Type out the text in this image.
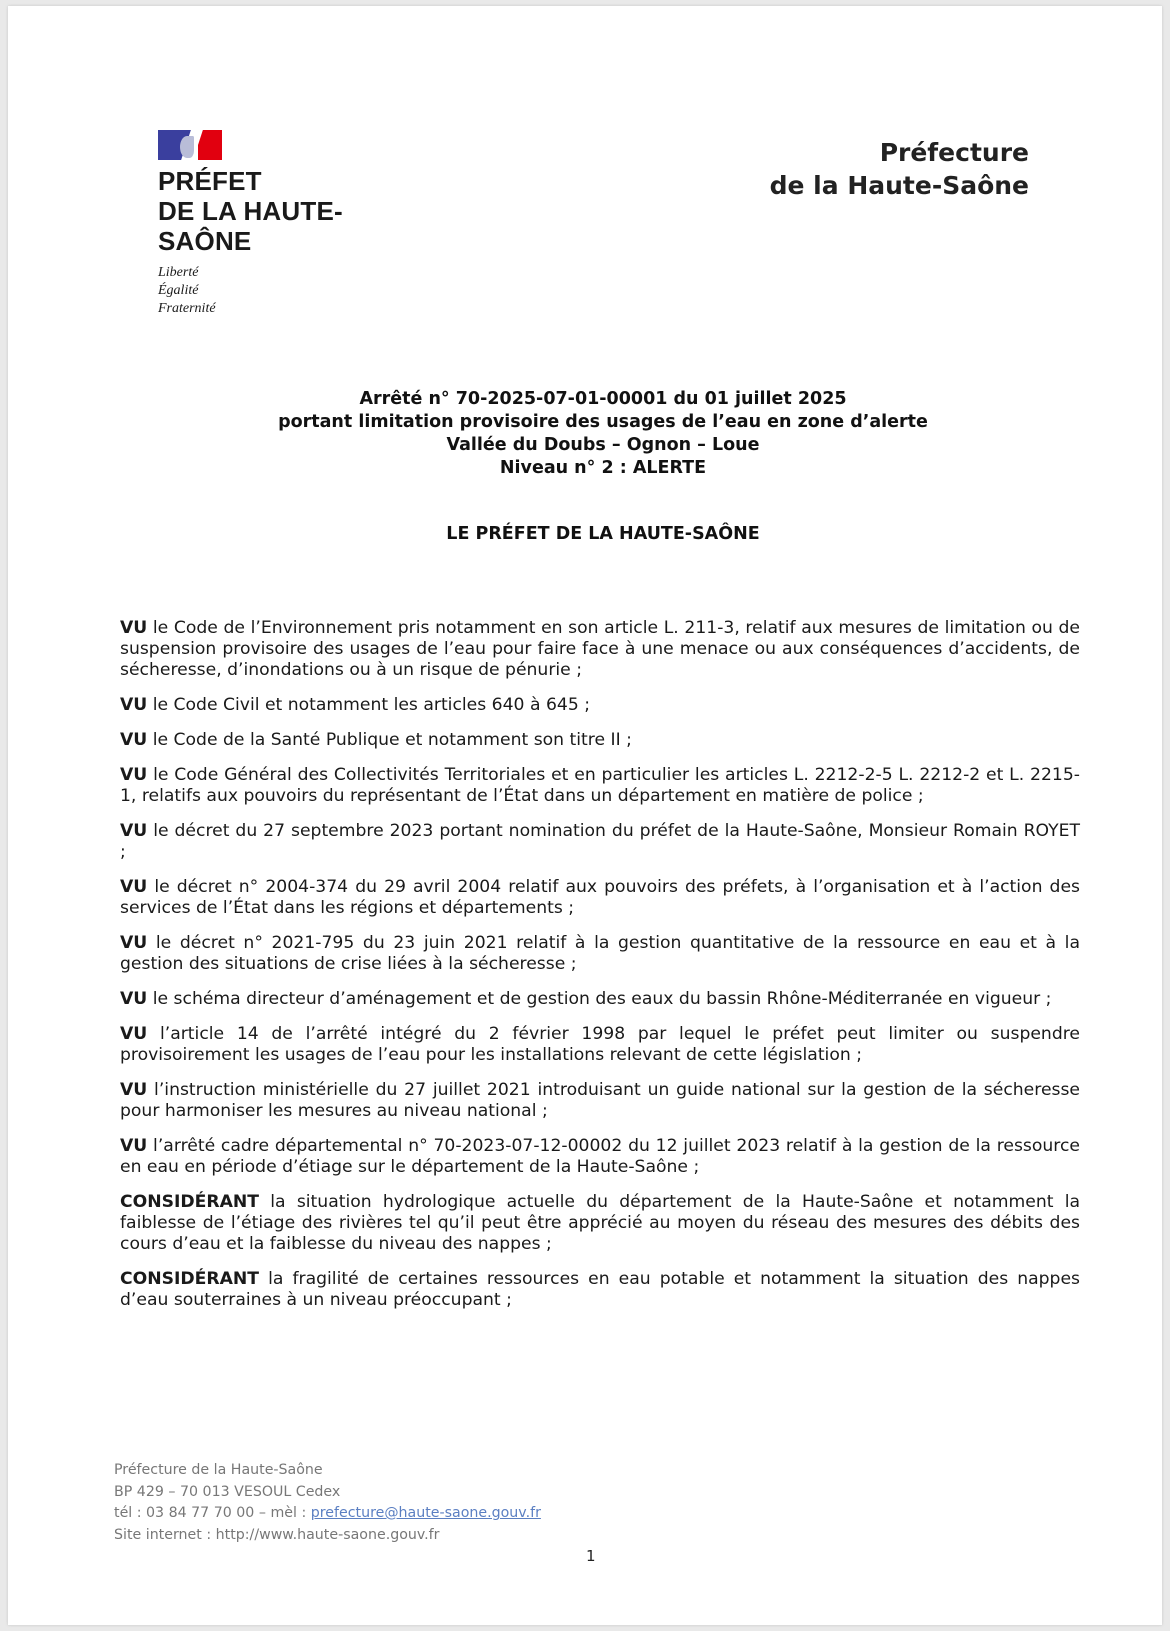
PRÉFET
DE LA HAUTE-
SAÔNE
Liberté
Égalité
Fraternité
Préfecture
de la Haute-Saône
Arrêté n° 70-2025-07-01-00001 du 01 juillet 2025
portant limitation provisoire des usages de l’eau en zone d’alerte
Vallée du Doubs – Ognon – Loue
Niveau n° 2 : ALERTE
LE PRÉFET DE LA HAUTE-SAÔNE

VU le Code de l’Environnement pris notamment en son article L. 211-3, relatif aux mesures de limitation ou de suspension provisoire des usages de l’eau pour faire face à une menace ou aux conséquences d’accidents, de sécheresse, d’inondations ou à un risque de pénurie ;

VU le Code Civil et notamment les articles 640 à 645 ;

VU le Code de la Santé Publique et notamment son titre II ;

VU le Code Général des Collectivités Territoriales et en particulier les articles L. 2212-2-5 L. 2212-2 et L. 2215-1, relatifs aux pouvoirs du représentant de l’État dans un département en matière de police ;

VU le décret du 27 septembre 2023 portant nomination du préfet de la Haute-Saône, Monsieur Romain ROYET ;

VU le décret n° 2004-374 du 29 avril 2004 relatif aux pouvoirs des préfets, à l’organisation et à l’action des services de l’État dans les régions et départements ;

VU le décret n° 2021-795 du 23 juin 2021 relatif à la gestion quantitative de la ressource en eau et à la gestion des situations de crise liées à la sécheresse ;

VU le schéma directeur d’aménagement et de gestion des eaux du bassin Rhône-Méditerranée en vigueur ;

VU l’article 14 de l’arrêté intégré du 2 février 1998 par lequel le préfet peut limiter ou suspendre provisoirement les usages de l’eau pour les installations relevant de cette législation ;

VU l’instruction ministérielle du 27 juillet 2021 introduisant un guide national sur la gestion de la sécheresse pour harmoniser les mesures au niveau national ;

VU l’arrêté cadre départemental n° 70-2023-07-12-00002 du 12 juillet 2023 relatif à la gestion de la ressource en eau en période d’étiage sur le département de la Haute-Saône ;

CONSIDÉRANT la situation hydrologique actuelle du département de la Haute-Saône et notamment la faiblesse de l’étiage des rivières tel qu’il peut être apprécié au moyen du réseau des mesures des débits des cours d’eau et la faiblesse du niveau des nappes ;

CONSIDÉRANT la fragilité de certaines ressources en eau potable et notamment la situation des nappes d’eau souterraines à un niveau préoccupant ;

Préfecture de la Haute-Saône
BP 429 – 70 013 VESOUL Cedex
tél : 03 84 77 70 00 – mèl : prefecture@haute-saone.gouv.fr
Site internet : http://www.haute-saone.gouv.fr
1
